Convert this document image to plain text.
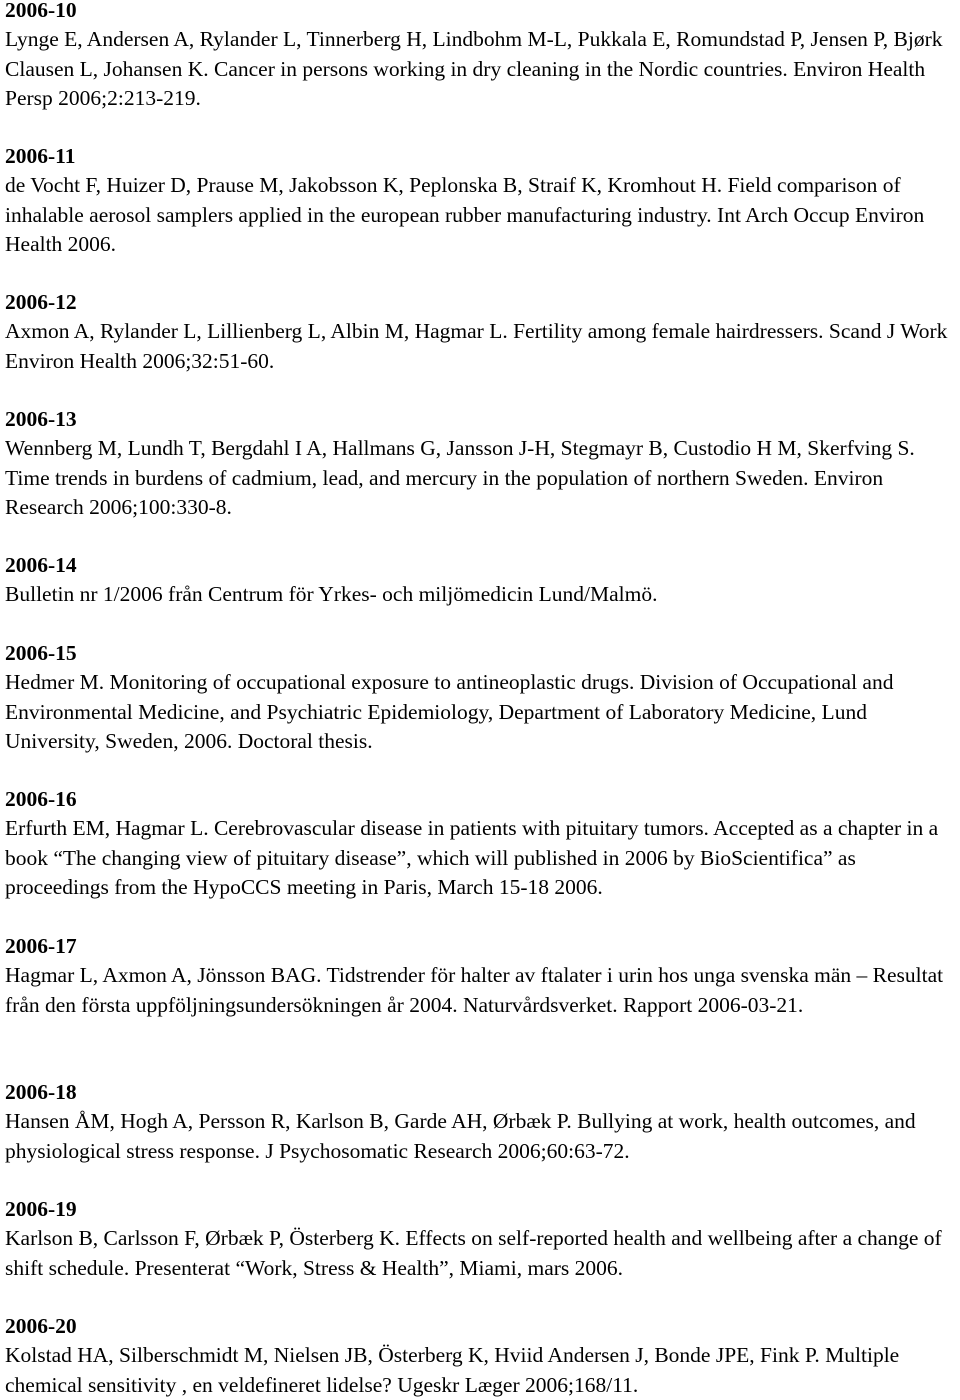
2006-10
Lynge E, Andersen A, Rylander L, Tinnerberg H, Lindbohm M-L, Pukkala E, Romundstad P, Jensen P, Bjørk Clausen L, Johansen K. Cancer in persons working in dry cleaning in the Nordic countries. Environ Health Persp 2006;2:213-219.
2006-11
de Vocht F, Huizer D, Prause M, Jakobsson K, Peplonska B, Straif K, Kromhout H. Field comparison of inhalable aerosol samplers applied in the european rubber manufacturing industry. Int Arch Occup Environ Health 2006.
2006-12
Axmon A, Rylander L, Lillienberg L, Albin M, Hagmar L. Fertility among female hairdressers. Scand J Work Environ Health 2006;32:51-60.
2006-13
Wennberg M, Lundh T, Bergdahl I A, Hallmans G, Jansson J-H, Stegmayr B, Custodio H M, Skerfving S. Time trends in burdens of cadmium, lead, and mercury in the population of northern Sweden. Environ Research 2006;100:330-8.
2006-14
Bulletin nr 1/2006 från Centrum för Yrkes- och miljömedicin Lund/Malmö.
2006-15
Hedmer M. Monitoring of occupational exposure to antineoplastic drugs. Division of Occupational and Environmental Medicine, and Psychiatric Epidemiology, Department of Laboratory Medicine, Lund University, Sweden, 2006. Doctoral thesis.
2006-16
Erfurth EM, Hagmar L. Cerebrovascular disease in patients with pituitary tumors. Accepted as a chapter in a book “The changing view of pituitary disease”, which will published in 2006 by BioScientifica” as proceedings from the HypoCCS meeting in Paris, March 15-18 2006.
2006-17
Hagmar L, Axmon A, Jönsson BAG. Tidstrender för halter av ftalater i urin hos unga svenska män – Resultat från den första uppföljningsundersökningen år 2004. Naturvårdsverket. Rapport 2006-03-21.
2006-18
Hansen ÅM, Hogh A, Persson R, Karlson B, Garde AH, Ørbæk P. Bullying at work, health outcomes, and physiological stress response. J Psychosomatic Research 2006;60:63-72.
2006-19
Karlson B, Carlsson F, Ørbæk P, Österberg K. Effects on self-reported health and wellbeing after a change of shift schedule. Presenterat “Work, Stress & Health”, Miami, mars 2006.
2006-20
Kolstad HA, Silberschmidt M, Nielsen JB, Österberg K, Hviid Andersen J, Bonde JPE, Fink P. Multiple chemical sensitivity , en veldefineret lidelse? Ugeskr Læger 2006;168/11.
